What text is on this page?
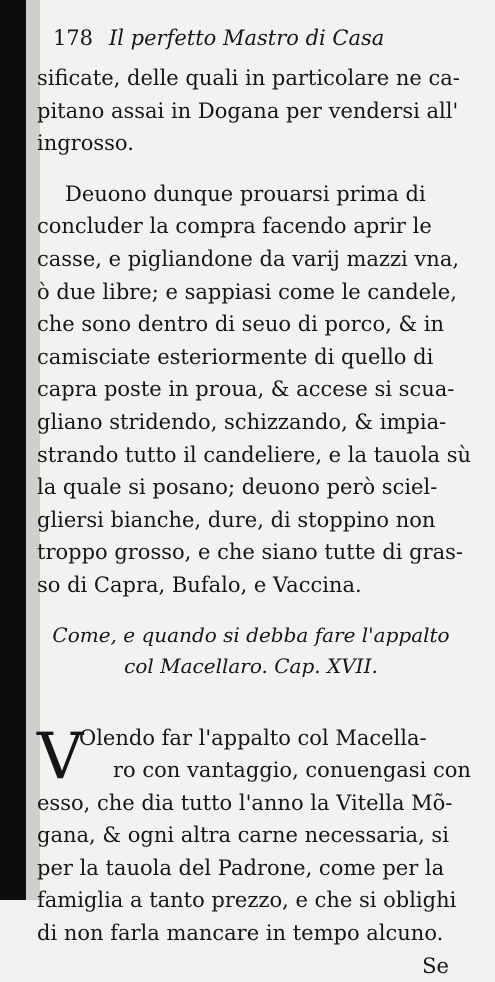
178 Il perfetto Mastro di Casa
sificate, delle quali in particolare ne ca-
pitano assai in Dogana per vendersi all'
ingrosso.
Deuono dunque prouarsi prima di
concluder la compra facendo aprir le
casse, e pigliandone da varij mazzi vna,
ò due libre; e sappiasi come le candele,
che sono dentro di seuo di porco, & in
camisciate esteriormente di quello di
capra poste in proua, & accese si scua-
gliano stridendo, schizzando, & impia-
strando tutto il candeliere, e la tauola sù
la quale si posano; deuono però sciel-
gliersi bianche, dure, di stoppino non
troppo grosso, e che siano tutte di gras-
so di Capra, Bufalo, e Vaccina.
Come, e quando si debba fare l'appalto
col Macellaro. Cap. XVII.
V
Olendo far l'appalto col Macella-
ro con vantaggio, conuengasi con
esso, che dia tutto l'anno la Vitella Mõ-
gana, & ogni altra carne necessaria, si
per la tauola del Padrone, come per la
famiglia a tanto prezzo, e che si oblighi
di non farla mancare in tempo alcuno.
Se
